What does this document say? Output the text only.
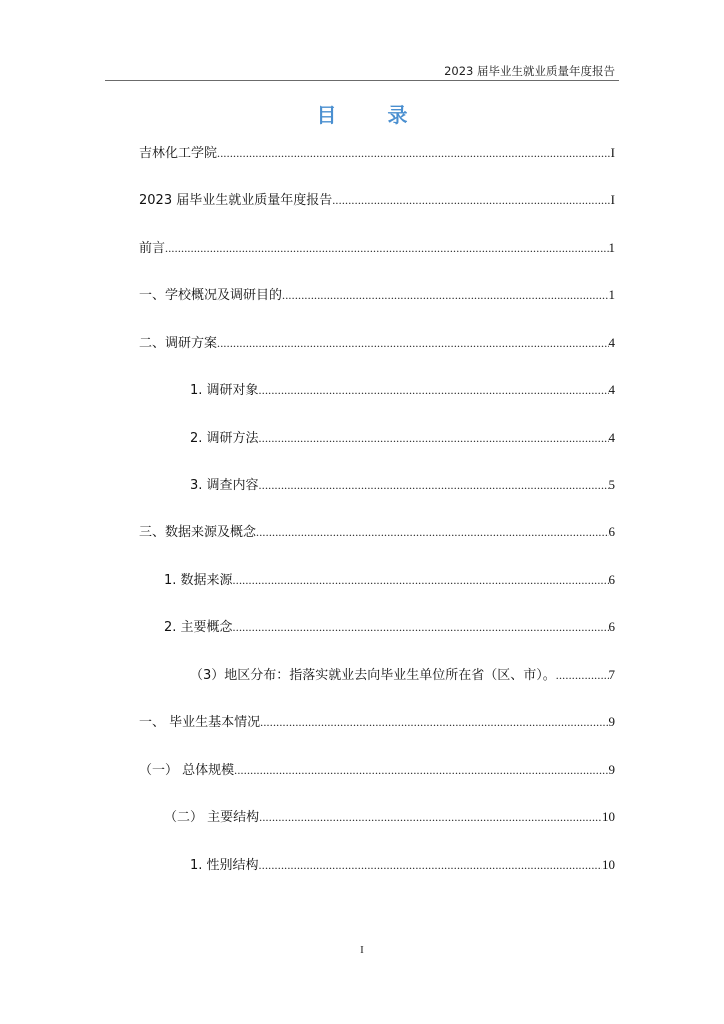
2023 届毕业生就业质量年度报告
目 录
吉林化工学院 .....	I
2023 届毕业生就业质量年度报告 .....	I
前言 .....	1
一、学校概况及调研目的 .....	1
二、调研方案 .....	4
1. 调研对象 .....	4
2. 调研方法 .....	4
3. 调查内容 .....	5
三、数据来源及概念 .....	6
1. 数据来源 .....	6
2. 主要概念 .....	6
（3）地区分布：指落实就业去向毕业生单位所在省（区、市）。 .....	7
一、 毕业生基本情况 .....	9
（一） 总体规模 .....	9
（二） 主要结构 .....	10
1. 性别结构 .....	10
I
